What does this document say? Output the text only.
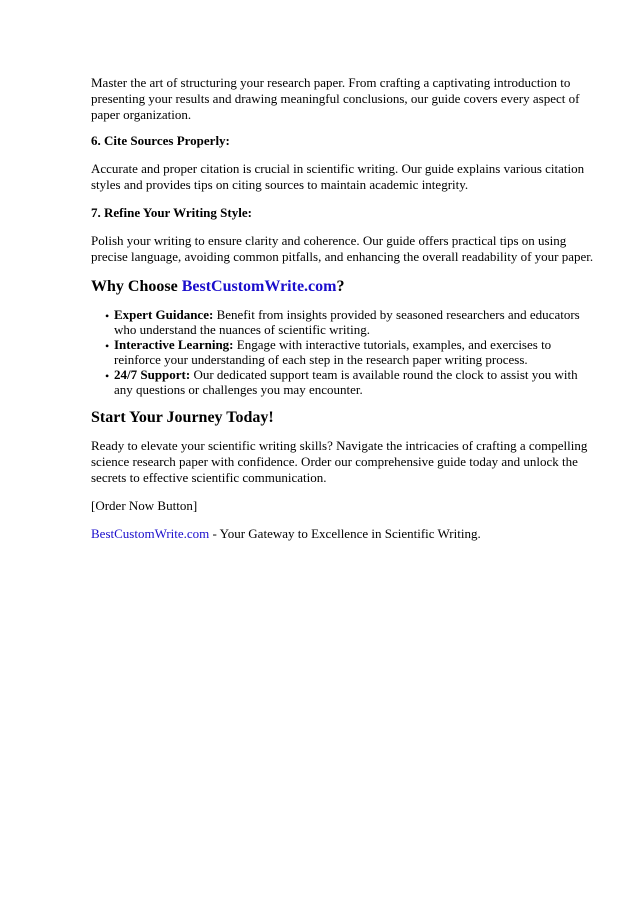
Master the art of structuring your research paper. From crafting a captivating introduction to presenting your results and drawing meaningful conclusions, our guide covers every aspect of paper organization.

6. Cite Sources Properly:

Accurate and proper citation is crucial in scientific writing. Our guide explains various citation styles and provides tips on citing sources to maintain academic integrity.

7. Refine Your Writing Style:

Polish your writing to ensure clarity and coherence. Our guide offers practical tips on using precise language, avoiding common pitfalls, and enhancing the overall readability of your paper.

Why Choose BestCustomWrite.com?
• Expert Guidance: Benefit from insights provided by seasoned researchers and educators who understand the nuances of scientific writing.
• Interactive Learning: Engage with interactive tutorials, examples, and exercises to reinforce your understanding of each step in the research paper writing process.
• 24/7 Support: Our dedicated support team is available round the clock to assist you with any questions or challenges you may encounter.
Start Your Journey Today!

Ready to elevate your scientific writing skills? Navigate the intricacies of crafting a compelling science research paper with confidence. Order our comprehensive guide today and unlock the secrets to effective scientific communication.

[Order Now Button]

BestCustomWrite.com - Your Gateway to Excellence in Scientific Writing.
